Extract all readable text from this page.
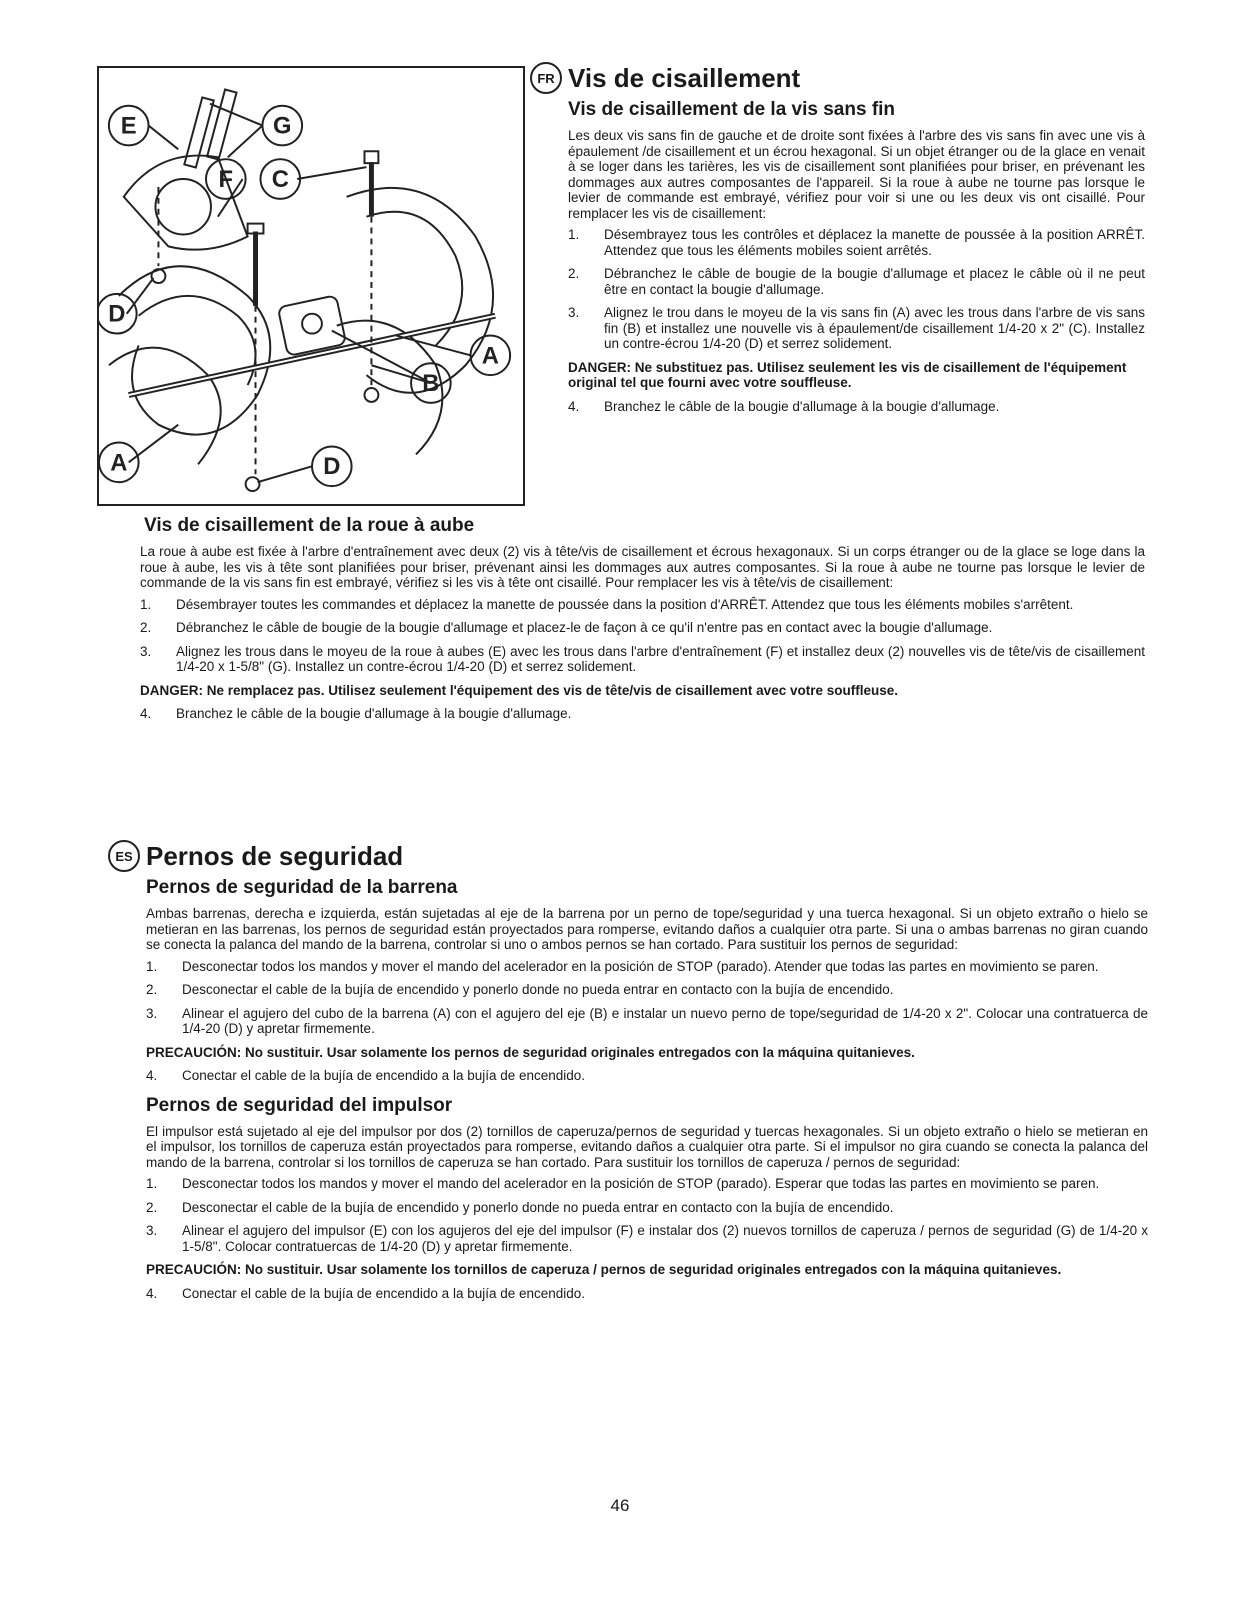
E	G
F C
D
A
B
A	D
FR Vis de cisaillement
Vis de cisaillement de la vis sans fin

Les deux vis sans fin de gauche et de droite sont fixées à l'arbre des vis sans fin avec une vis à épaulement /de cisaillement et un écrou hexagonal. Si un objet étranger ou de la glace en venait à se loger dans les tarières, les vis de cisaillement sont planifiées pour briser, en prévenant les dommages aux autres composantes de l'appareil. Si la roue à aube ne tourne pas lorsque le levier de commande est embrayé, vérifiez pour voir si une ou les deux vis ont cisaillé. Pour remplacer les vis de cisaillement:

1. Désembrayez tous les contrôles et déplacez la manette de poussée à la position ARRÊT. Attendez que tous les éléments mobiles soient arrêtés.
2. Débranchez le câble de bougie de la bougie d'allumage et placez le câble où il ne peut être en contact la bougie d'allumage.
3. Alignez le trou dans le moyeu de la vis sans fin (A) avec les trous dans l'arbre de vis sans fin (B) et installez une nouvelle vis à épaulement/de cisaillement 1/4-20 x 2" (C). Installez un contre-écrou 1/4-20 (D) et serrez solidement.

DANGER: Ne substituez pas. Utilisez seulement les vis de cisaillement de l'équipement original tel que fourni avec votre souffleuse.

4. Branchez le câble de la bougie d'allumage à la bougie d'allumage.
Vis de cisaillement de la roue à aube

La roue à aube est fixée à l'arbre d'entraînement avec deux (2) vis à tête/vis de cisaillement et écrous hexagonaux. Si un corps étranger ou de la glace se loge dans la roue à aube, les vis à tête sont planifiées pour briser, prévenant ainsi les dommages aux autres composantes. Si la roue à aube ne tourne pas lorsque le levier de commande de la vis sans fin est embrayé, vérifiez si les vis à tête ont cisaillé. Pour remplacer les vis à tête/vis de cisaillement:

1. Désembrayer toutes les commandes et déplacez la manette de poussée dans la position d'ARRÊT. Attendez que tous les éléments mobiles s'arrêtent.
2. Débranchez le câble de bougie de la bougie d'allumage et placez-le de façon à ce qu'il n'entre pas en contact avec la bougie d'allumage.
3. Alignez les trous dans le moyeu de la roue à aubes (E) avec les trous dans l'arbre d'entraînement (F) et installez deux (2) nouvelles vis de tête/vis de cisaillement 1/4-20 x 1-5/8" (G). Installez un contre-écrou 1/4-20 (D) et serrez solidement.

DANGER: Ne remplacez pas. Utilisez seulement l'équipement des vis de tête/vis de cisaillement avec votre souffleuse.

4. Branchez le câble de la bougie d'allumage à la bougie d'allumage.
ES Pernos de seguridad
Pernos de seguridad de la barrena

Ambas barrenas, derecha e izquierda, están sujetadas al eje de la barrena por un perno de tope/seguridad y una tuerca hexagonal. Si un objeto extraño o hielo se metieran en las barrenas, los pernos de seguridad están proyectados para romperse, evitando daños a cualquier otra parte. Si una o ambas barrenas no giran cuando se conecta la palanca del mando de la barrena, controlar si uno o ambos pernos se han cortado. Para sustituir los pernos de seguridad:

1. Desconectar todos los mandos y mover el mando del acelerador en la posición de STOP (parado). Atender que todas las partes en movimiento se paren.
2. Desconectar el cable de la bujía de encendido y ponerlo donde no pueda entrar en contacto con la bujía de encendido.
3. Alinear el agujero del cubo de la barrena (A) con el agujero del eje (B) e instalar un nuevo perno de tope/seguridad de 1/4-20 x 2". Colocar una contratuerca de 1/4-20 (D) y apretar firmemente.

PRECAUCIÓN: No sustituir. Usar solamente los pernos de seguridad originales entregados con la máquina quitanieves.

4. Conectar el cable de la bujía de encendido a la bujía de encendido.
Pernos de seguridad del impulsor

El impulsor está sujetado al eje del impulsor por dos (2) tornillos de caperuza/pernos de seguridad y tuercas hexagonales. Si un objeto extraño o hielo se metieran en el impulsor, los tornillos de caperuza están proyectados para romperse, evitando daños a cualquier otra parte. Si el impulsor no gira cuando se conecta la palanca del mando de la barrena, controlar si los tornillos de caperuza se han cortado. Para sustituir los tornillos de caperuza / pernos de seguridad:

1. Desconectar todos los mandos y mover el mando del acelerador en la posición de STOP (parado). Esperar que todas las partes en movimiento se paren.
2. Desconectar el cable de la bujía de encendido y ponerlo donde no pueda entrar en contacto con la bujía de encendido.
3. Alinear el agujero del impulsor (E) con los agujeros del eje del impulsor (F) e instalar dos (2) nuevos tornillos de caperuza / pernos de seguridad (G) de 1/4-20 x 1-5/8". Colocar contratuercas de 1/4-20 (D) y apretar firmemente.

PRECAUCIÓN: No sustituir. Usar solamente los tornillos de caperuza / pernos de seguridad originales entregados con la máquina quitanieves.

4. Conectar el cable de la bujía de encendido a la bujía de encendido.
46
